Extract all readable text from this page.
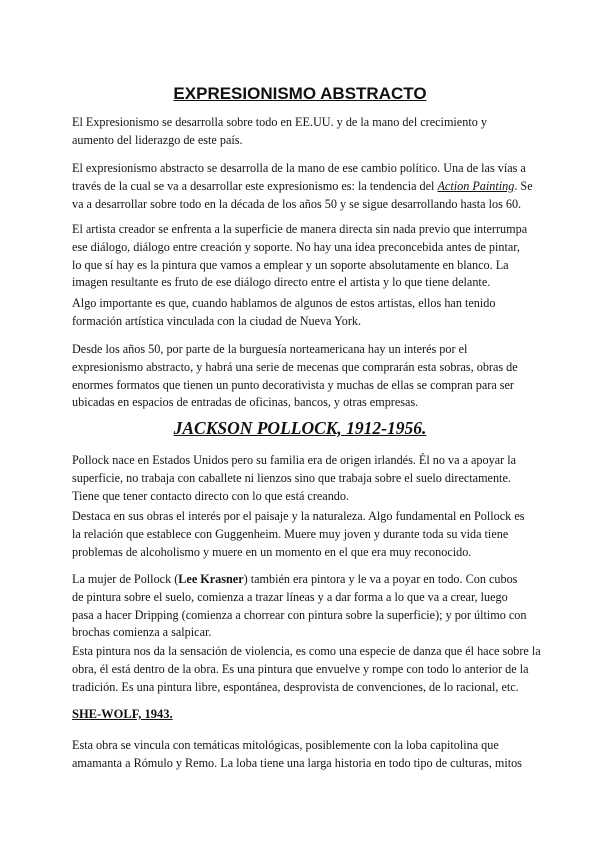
EXPRESIONISMO ABSTRACTO
El Expresionismo se desarrolla sobre todo en EE.UU. y de la mano del crecimiento y
aumento del liderazgo de este país.
El expresionismo abstracto se desarrolla de la mano de ese cambio político. Una de las vías a
través de la cual se va a desarrollar este expresionismo es: la tendencia del Action Painting. Se
va a desarrollar sobre todo en la década de los años 50 y se sigue desarrollando hasta los 60.
El artista creador se enfrenta a la superficie de manera directa sin nada previo que interrumpa
ese diálogo, diálogo entre creación y soporte. No hay una idea preconcebida antes de pintar,
lo que sí hay es la pintura que vamos a emplear y un soporte absolutamente en blanco. La
imagen resultante es fruto de ese diálogo directo entre el artista y lo que tiene delante.
Algo importante es que, cuando hablamos de algunos de estos artistas, ellos han tenido
formación artística vinculada con la ciudad de Nueva York.
Desde los años 50, por parte de la burguesía norteamericana hay un interés por el
expresionismo abstracto, y habrá una serie de mecenas que comprarán esta sobras, obras de
enormes formatos que tienen un punto decorativista y muchas de ellas se compran para ser
ubicadas en espacios de entradas de oficinas, bancos, y otras empresas.
JACKSON POLLOCK, 1912-1956.
Pollock nace en Estados Unidos pero su familia era de origen irlandés. Él no va a apoyar la
superficie, no trabaja con caballete ni lienzos sino que trabaja sobre el suelo directamente.
Tiene que tener contacto directo con lo que está creando.
Destaca en sus obras el interés por el paisaje y la naturaleza. Algo fundamental en Pollock es
la relación que establece con Guggenheim. Muere muy joven y durante toda su vida tiene
problemas de alcoholismo y muere en un momento en el que era muy reconocido.
La mujer de Pollock (Lee Krasner) también era pintora y le va a poyar en todo. Con cubos
de pintura sobre el suelo, comienza a trazar líneas y a dar forma a lo que va a crear, luego
pasa a hacer Dripping (comienza a chorrear con pintura sobre la superficie); y por último con
brochas comienza a salpicar.
Esta pintura nos da la sensación de violencia, es como una especie de danza que él hace sobre la
obra, él está dentro de la obra. Es una pintura que envuelve y rompe con todo lo anterior de la
tradición. Es una pintura libre, espontánea, desprovista de convenciones, de lo racional, etc.
SHE-WOLF, 1943.
Esta obra se vincula con temáticas mitológicas, posiblemente con la loba capitolina que
amamanta a Rómulo y Remo. La loba tiene una larga historia en todo tipo de culturas, mitos
